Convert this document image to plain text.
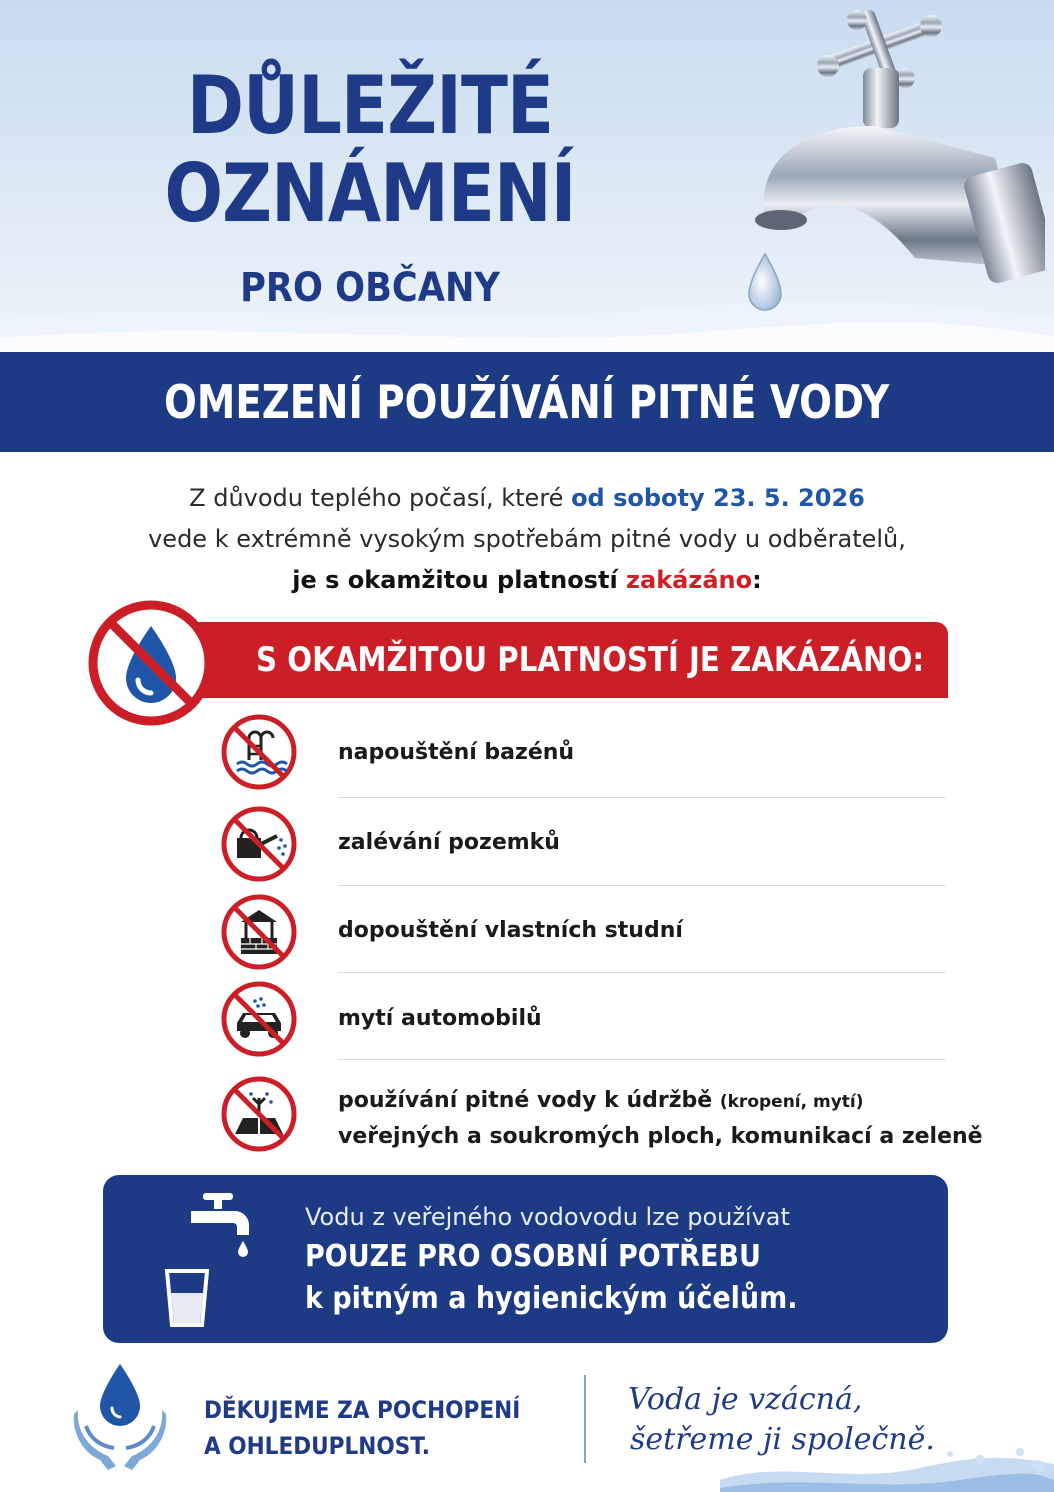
DŮLEŽITÉ
OZNÁMENÍ
PRO OBČANY
OMEZENÍ POUŽÍVÁNÍ PITNÉ VODY
Z důvodu teplého počasí, které od soboty 23. 5. 2026
vede k extrémně vysokým spotřebám pitné vody u odběratelů,
je s okamžitou platností zakázáno:
S OKAMŽITOU PLATNOSTÍ JE ZAKÁZÁNO:
napouštění bazénů
zalévání pozemků
dopouštění vlastních studní
mytí automobilů
používání pitné vody k údržbě (kropení, mytí)
veřejných a soukromých ploch, komunikací a zeleně
Vodu z veřejného vodovodu lze používat
POUZE PRO OSOBNÍ POTŘEBU
k pitným a hygienickým účelům.
DĚKUJEME ZA POCHOPENÍ
A OHLEDUPLNOST.
Voda je vzácná,
šetřeme ji společně.
